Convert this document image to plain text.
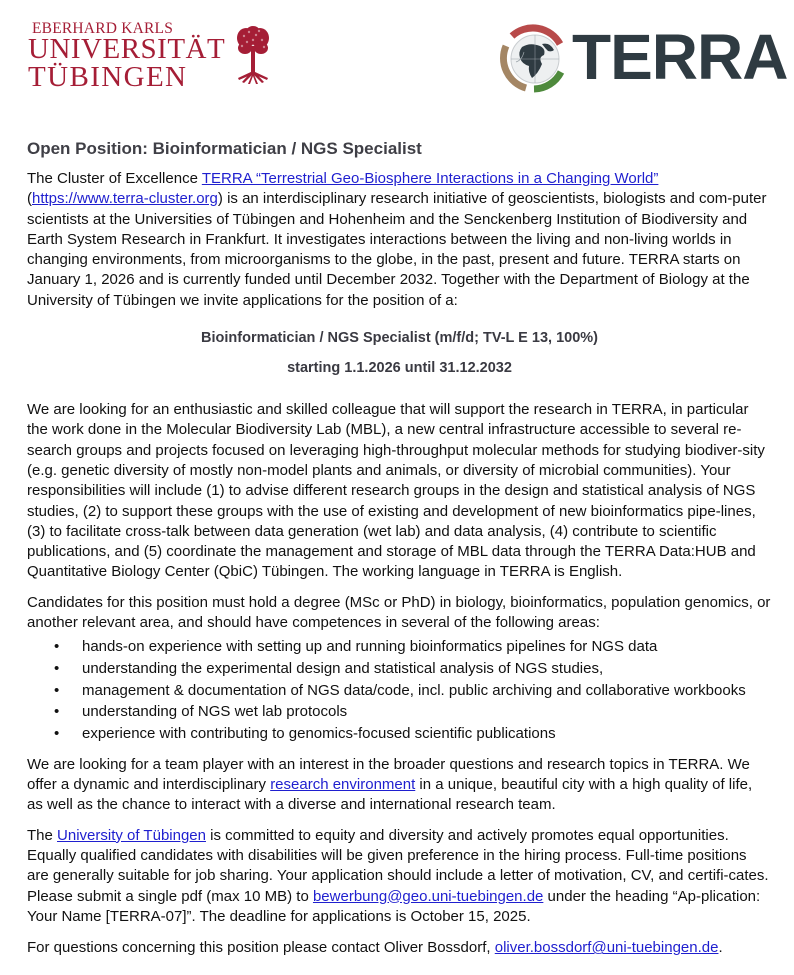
EBERHARD KARLS
UNIVERSITÄT
TÜBINGEN	TERRA
Open Position: Bioinformatician / NGS Specialist

The Cluster of Excellence TERRA “Terrestrial Geo-Biosphere Interactions in a Changing World”
(https://www.terra-cluster.org) is an interdisciplinary research initiative of geoscientists, biologists and com-puter scientists at the Universities of Tübingen and Hohenheim and the Senckenberg Institution of Biodiversity and Earth System Research in Frankfurt. It investigates interactions between the living and non-living worlds in changing environments, from microorganisms to the globe, in the past, present and future. TERRA starts on January 1, 2026 and is currently funded until December 2032. Together with the Department of Biology at the University of Tübingen we invite applications for the position of a:

Bioinformatician / NGS Specialist (m/f/d; TV-L E 13, 100%)
starting 1.1.2026 until 31.12.2032

We are looking for an enthusiastic and skilled colleague that will support the research in TERRA, in particular the work done in the Molecular Biodiversity Lab (MBL), a new central infrastructure accessible to several re-search groups and projects focused on leveraging high-throughput molecular methods for studying biodiver-sity (e.g. genetic diversity of mostly non-model plants and animals, or diversity of microbial communities). Your responsibilities will include (1) to advise different research groups in the design and statistical analysis of NGS studies, (2) to support these groups with the use of existing and development of new bioinformatics pipe-lines, (3) to facilitate cross-talk between data generation (wet lab) and data analysis, (4) contribute to scientific publications, and (5) coordinate the management and storage of MBL data through the TERRA Data:HUB and Quantitative Biology Center (QbiC) Tübingen. The working language in TERRA is English.

Candidates for this position must hold a degree (MSc or PhD) in biology, bioinformatics, population genomics, or another relevant area, and should have competences in several of the following areas:

• hands-on experience with setting up and running bioinformatics pipelines for NGS data
• understanding the experimental design and statistical analysis of NGS studies,
• management & documentation of NGS data/code, incl. public archiving and collaborative workbooks
• understanding of NGS wet lab protocols
• experience with contributing to genomics-focused scientific publications

We are looking for a team player with an interest in the broader questions and research topics in TERRA. We offer a dynamic and interdisciplinary research environment in a unique, beautiful city with a high quality of life, as well as the chance to interact with a diverse and international research team.

The University of Tübingen is committed to equity and diversity and actively promotes equal opportunities. Equally qualified candidates with disabilities will be given preference in the hiring process. Full-time positions are generally suitable for job sharing. Your application should include a letter of motivation, CV, and certifi-cates. Please submit a single pdf (max 10 MB) to bewerbung@geo.uni-tuebingen.de under the heading “Ap-plication: Your Name [TERRA-07]”. The deadline for applications is October 15, 2025.

For questions concerning this position please contact Oliver Bossdorf, oliver.bossdorf@uni-tuebingen.de.
